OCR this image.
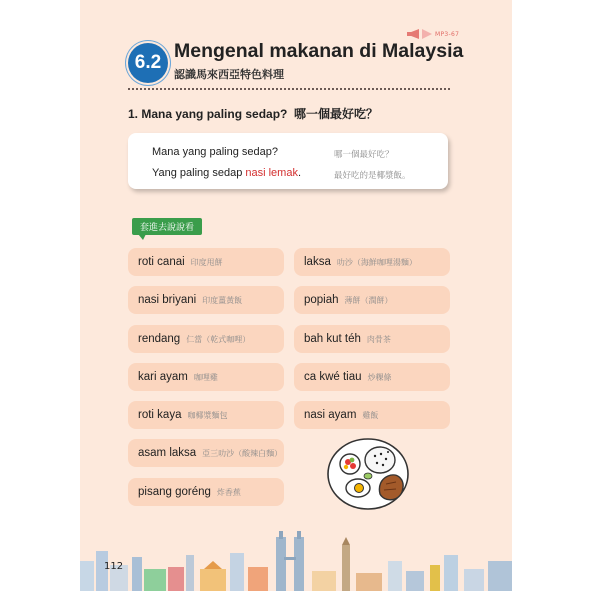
MP3-67
6.2
Mengenal makanan di Malaysia
認識馬來西亞特色料理
1. Mana yang paling sedap? 哪一個最好吃？
Mana yang paling sedap?	哪一個最好吃？
Yang paling sedap nasi lemak.	最好吃的是椰漿飯。
套進去說說看
roti canai 印度甩餅
nasi briyani 印度薑黃飯
rendang 仁當（乾式咖哩）
kari ayam 咖哩雞
roti kaya 咖椰漿麵包
asam laksa 亞三叻沙（酸辣白麵）
pisang goréng 炸香蕉
laksa 叻沙（海鮮咖哩湯麵）
popiah 薄餅（潤餅）
bah kut téh 肉骨茶
ca kwé tiau 炒粿條
nasi ayam 雞飯
112
